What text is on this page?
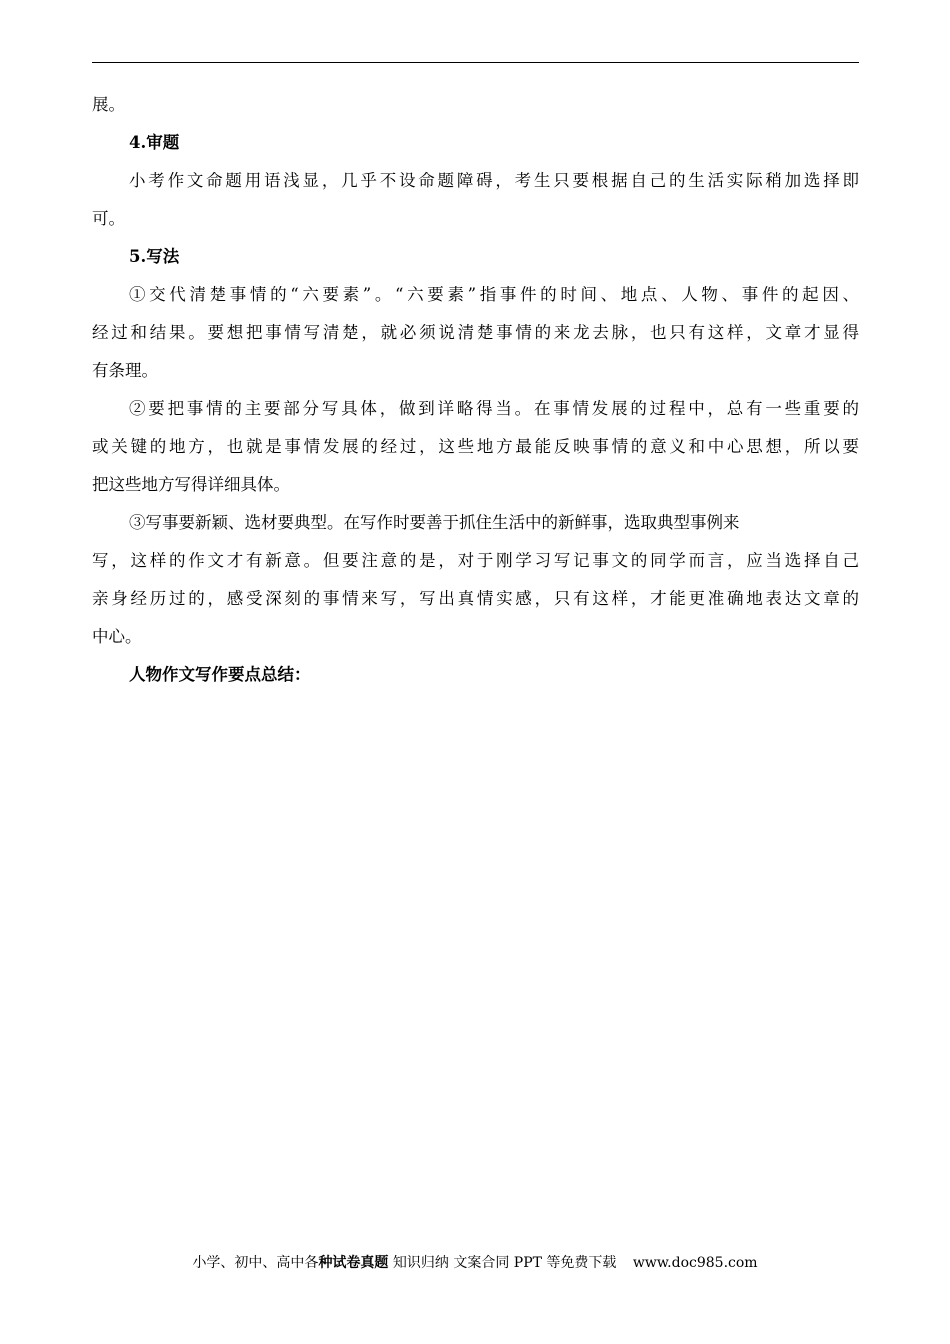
展。
4.审题
小考作文命题用语浅显，几乎不设命题障碍，考生只要根据自己的生活实际稍加选择即
可。
5.写法
①交代清楚事情的“六要素”。“六要素”指事件的时间、地点、人物、事件的起因、
经过和结果。要想把事情写清楚，就必须说清楚事情的来龙去脉，也只有这样，文章才显得
有条理。
②要把事情的主要部分写具体，做到详略得当。在事情发展的过程中，总有一些重要的
或关键的地方，也就是事情发展的经过，这些地方最能反映事情的意义和中心思想，所以要
把这些地方写得详细具体。
③写事要新颖、选材要典型。在写作时要善于抓住生活中的新鲜事，选取典型事例来
写，这样的作文才有新意。但要注意的是，对于刚学习写记事文的同学而言，应当选择自己
亲身经历过的，感受深刻的事情来写，写出真情实感，只有这样，才能更准确地表达文章的
中心。
人物作文写作要点总结：
小学、初中、高中各种试卷真题 知识归纳 文案合同 PPT 等免费下载 www.doc985.com
